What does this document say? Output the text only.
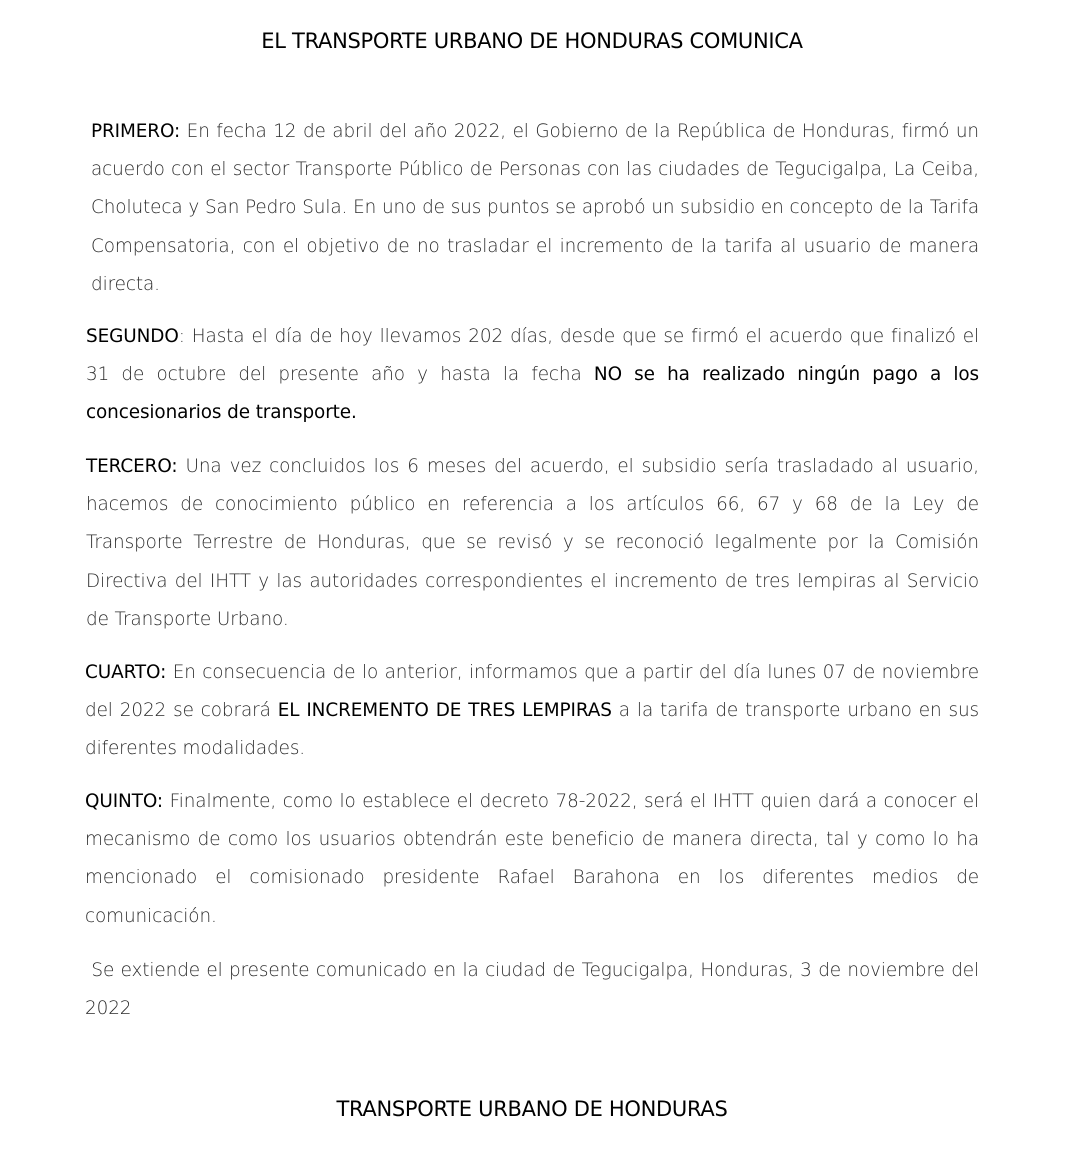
EL TRANSPORTE URBANO DE HONDURAS COMUNICA

PRIMERO: En fecha 12 de abril del año 2022, el Gobierno de la República de Honduras, firmó un acuerdo con el sector Transporte Público de Personas con las ciudades de Tegucigalpa, La Ceiba, Choluteca y San Pedro Sula. En uno de sus puntos se aprobó un subsidio en concepto de la Tarifa Compensatoria, con el objetivo de no trasladar el incremento de la tarifa al usuario de manera directa.

SEGUNDO: Hasta el día de hoy llevamos 202 días, desde que se firmó el acuerdo que finalizó el 31 de octubre del presente año y hasta la fecha NO se ha realizado ningún pago a los concesionarios de transporte.

TERCERO: Una vez concluidos los 6 meses del acuerdo, el subsidio sería trasladado al usuario, hacemos de conocimiento público en referencia a los artículos 66, 67 y 68 de la Ley de Transporte Terrestre de Honduras, que se revisó y se reconoció legalmente por la Comisión Directiva del IHTT y las autoridades correspondientes el incremento de tres lempiras al Servicio de Transporte Urbano.

CUARTO: En consecuencia de lo anterior, informamos que a partir del día lunes 07 de noviembre del 2022 se cobrará EL INCREMENTO DE TRES LEMPIRAS a la tarifa de transporte urbano en sus diferentes modalidades.

QUINTO: Finalmente, como lo establece el decreto 78-2022, será el IHTT quien dará a conocer el mecanismo de como los usuarios obtendrán este beneficio de manera directa, tal y como lo ha mencionado el comisionado presidente Rafael Barahona en los diferentes medios de comunicación.

Se extiende el presente comunicado en la ciudad de Tegucigalpa, Honduras, 3 de noviembre del 2022

TRANSPORTE URBANO DE HONDURAS
